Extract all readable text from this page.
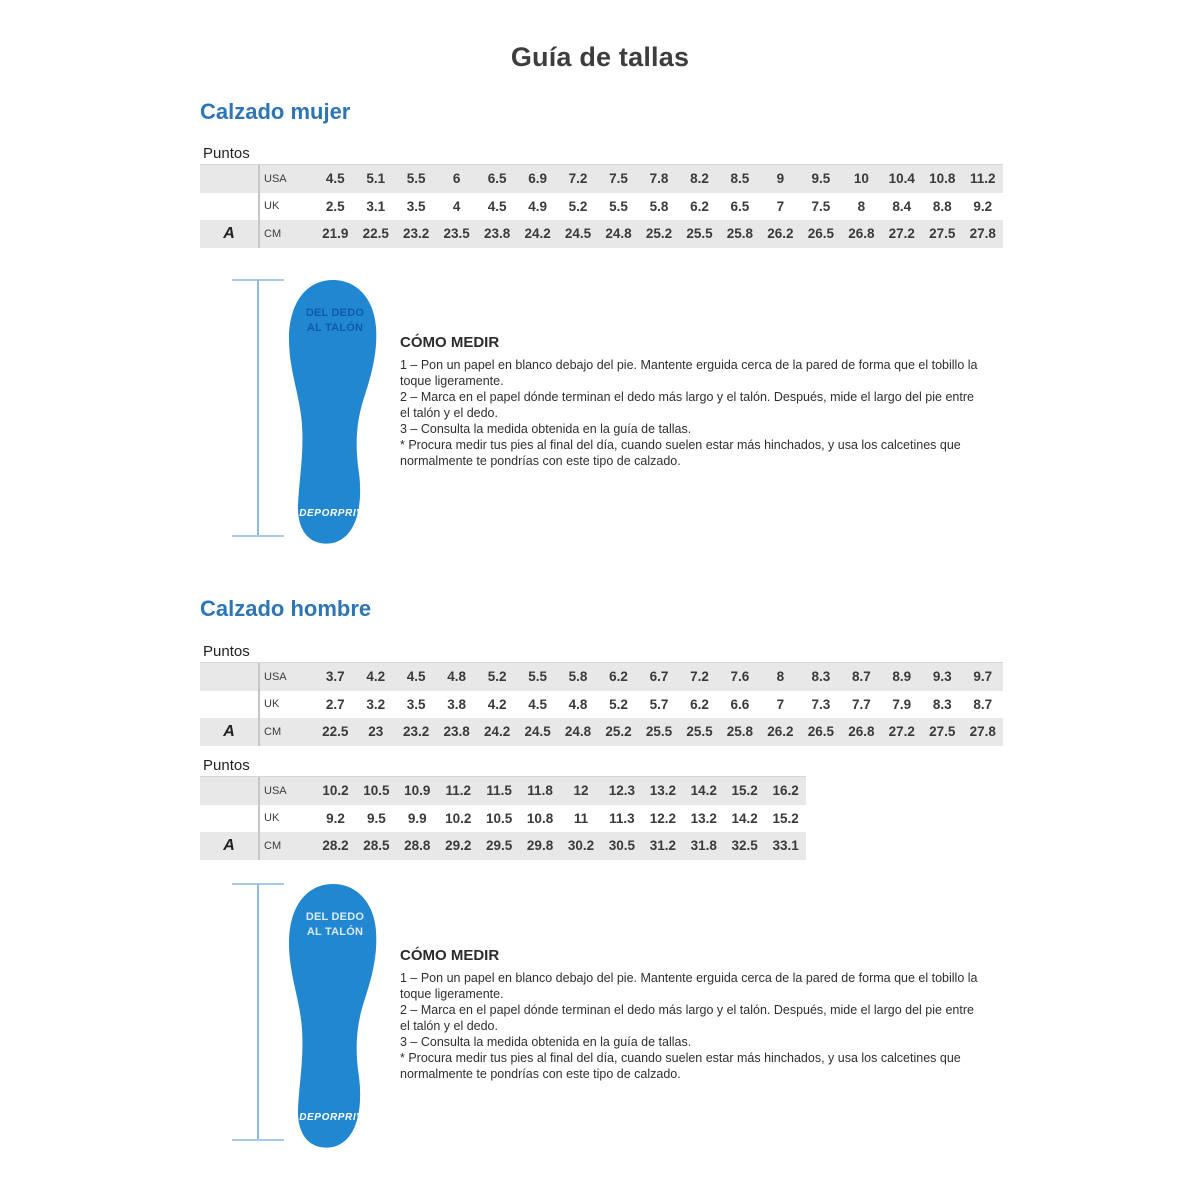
Guía de tallas
Calzado mujer
Puntos
USA	4.5	5.1	5.5	6	6.5	6.9	7.2	7.5	7.8	8.2	8.5	9	9.5	10	10.4	10.8	11.2
UK	2.5	3.1	3.5	4	4.5	4.9	5.2	5.5	5.8	6.2	6.5	7	7.5	8	8.4	8.8	9.2
A	CM	21.9	22.5	23.2	23.5	23.8	24.2	24.5	24.8	25.2	25.5	25.8	26.2	26.5	26.8	27.2	27.5	27.8
DEL DEDO
AL TALÓN
DEPORPRIVÉ
CÓMO MEDIR
1 – Pon un papel en blanco debajo del pie. Mantente erguida cerca de la pared de forma que el tobillo la toque ligeramente.
2 – Marca en el papel dónde terminan el dedo más largo y el talón. Después, mide el largo del pie entre el talón y el dedo.
3 – Consulta la medida obtenida en la guía de tallas.
* Procura medir tus pies al final del día, cuando suelen estar más hinchados, y usa los calcetines que normalmente te pondrías con este tipo de calzado.
Calzado hombre
Puntos
USA	3.7	4.2	4.5	4.8	5.2	5.5	5.8	6.2	6.7	7.2	7.6	8	8.3	8.7	8.9	9.3	9.7
UK	2.7	3.2	3.5	3.8	4.2	4.5	4.8	5.2	5.7	6.2	6.6	7	7.3	7.7	7.9	8.3	8.7
A	CM	22.5	23	23.2	23.8	24.2	24.5	24.8	25.2	25.5	25.5	25.8	26.2	26.5	26.8	27.2	27.5	27.8
Puntos
USA	10.2	10.5	10.9	11.2	11.5	11.8	12	12.3	13.2	14.2	15.2	16.2
UK	9.2	9.5	9.9	10.2	10.5	10.8	11	11.3	12.2	13.2	14.2	15.2
A	CM	28.2	28.5	28.8	29.2	29.5	29.8	30.2	30.5	31.2	31.8	32.5	33.1
DEL DEDO
AL TALÓN
DEPORPRIVÉ
CÓMO MEDIR
1 – Pon un papel en blanco debajo del pie. Mantente erguida cerca de la pared de forma que el tobillo la toque ligeramente.
2 – Marca en el papel dónde terminan el dedo más largo y el talón. Después, mide el largo del pie entre el talón y el dedo.
3 – Consulta la medida obtenida en la guía de tallas.
* Procura medir tus pies al final del día, cuando suelen estar más hinchados, y usa los calcetines que normalmente te pondrías con este tipo de calzado.
